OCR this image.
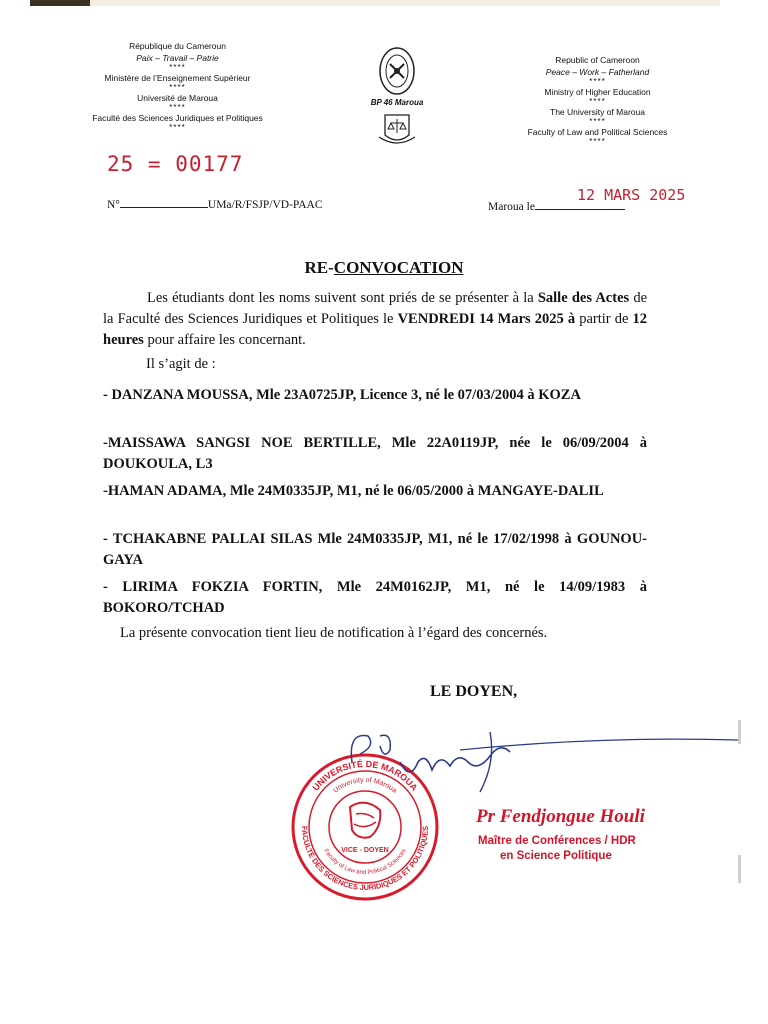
République du Cameroun
Paix – Travail – Patrie
****
Ministère de l’Enseignement Supérieur
****
Université de Maroua
****
Faculté des Sciences Juridiques et Politiques
****
BP 46 Maroua
Republic of Cameroon
Peace – Work – Fatherland
****
Ministry of Higher Education
****
The University of Maroua
****
Faculty of Law and Political Sciences
****
25 = 00177
N°	UMa/R/FSJP/VD-PAAC
12 MARS 2025
Maroua le
RE-CONVOCATION
Les étudiants dont les noms suivent sont priés de se présenter à la Salle des Actes de la Faculté des Sciences Juridiques et Politiques le VENDREDI 14 Mars 2025 à partir de 12 heures pour affaire les concernant.
Il s’agit de :
- DANZANA MOUSSA, Mle 23A0725JP, Licence 3, né le 07/03/2004 à KOZA
-MAISSAWA SANGSI NOE BERTILLE, Mle 22A0119JP, née le 06/09/2004 à DOUKOULA, L3
-HAMAN ADAMA, Mle 24M0335JP, M1, né le 06/05/2000 à MANGAYE-DALIL
- TCHAKABNE PALLAI SILAS Mle 24M0335JP, M1, né le 17/02/1998 à GOUNOU-GAYA
- LIRIMA FOKZIA FORTIN, Mle 24M0162JP, M1, né le 14/09/1983 à BOKORO/TCHAD
La présente convocation tient lieu de notification à l’égard des concernés.
LE DOYEN,
UNIVERSITÉ DE MAROUA
University of Maroua
FACULTÉ DES SCIENCES JURIDIQUES ET POLITIQUES
Faculty of Law and Political Sciences
VICE - DOYEN
Pr Fendjongue Houli
Maître de Conférences / HDR
en Science Politique
